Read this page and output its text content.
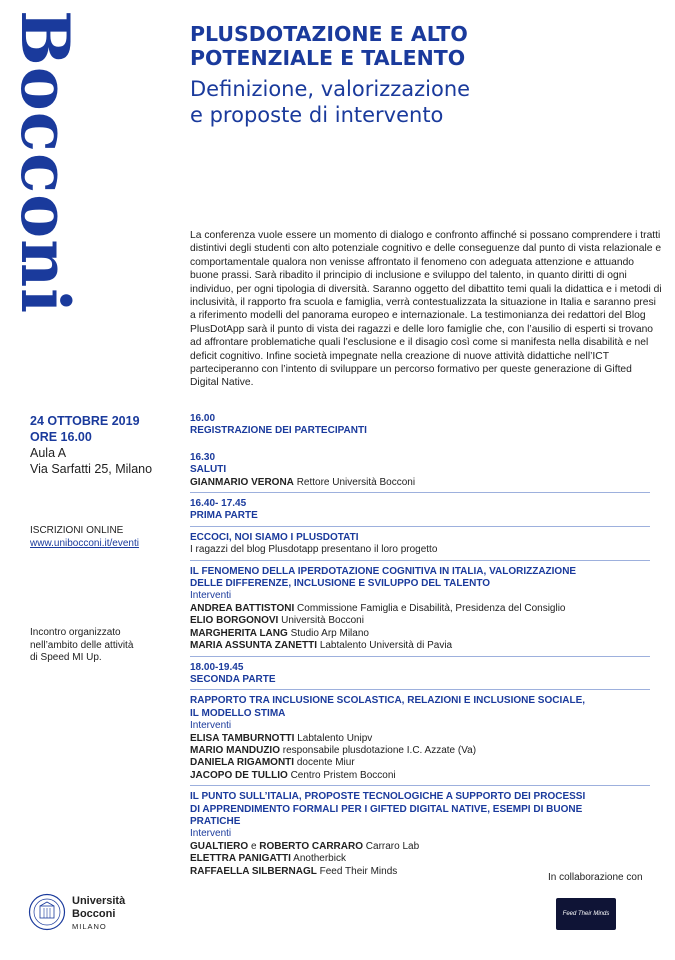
Bocconi	PLUSDOTAZIONE E ALTO
POTENZIALE E TALENTO
Definizione, valorizzazione
e proposte di intervento
La conferenza vuole essere un momento di dialogo e confronto affinché si possano comprendere i tratti distintivi degli studenti con alto potenziale cognitivo e delle conseguenze dal punto di vista relazionale e comportamentale qualora non venisse affrontato il fenomeno con adeguata attenzione e attuando buone prassi. Sarà ribadito il principio di inclusione e sviluppo del talento, in quanto diritti di ogni individuo, per ogni tipologia di diversità. Saranno oggetto del dibattito temi quali la didattica e i metodi di inclusività, il rapporto fra scuola e famiglia, verrà contestualizzata la situazione in Italia e saranno presi a riferimento modelli del panorama europeo e internazionale. La testimonianza dei redattori del Blog PlusDotApp sarà il punto di vista dei ragazzi e delle loro famiglie che, con l’ausilio di esperti si trovano ad affrontare problematiche quali l’esclusione e il disagio così come si manifesta nella disabilità e nel deficit cognitivo. Infine società impegnate nella creazione di nuove attività didattiche nell’ICT parteciperanno con l’intento di sviluppare un percorso formativo per queste generazione di Gifted Digital Native.
24 OTTOBRE 2019
ORE 16.00
Aula A
Via Sarfatti 25, Milano
ISCRIZIONI ONLINE
www.unibocconi.it/eventi
Incontro organizzato
nell’ambito delle attività
di Speed MI Up.
16.00
REGISTRAZIONE DEI PARTECIPANTI
16.30
SALUTI
GIANMARIO VERONA Rettore Università Bocconi
16.40- 17.45
PRIMA PARTE
ECCOCI, NOI SIAMO I PLUSDOTATI
I ragazzi del blog Plusdotapp presentano il loro progetto
IL FENOMENO DELLA IPERDOTAZIONE COGNITIVA IN ITALIA, VALORIZZAZIONE
DELLE DIFFERENZE, INCLUSIONE E SVILUPPO DEL TALENTO
Interventi
ANDREA BATTISTONI Commissione Famiglia e Disabilità, Presidenza del Consiglio
ELIO BORGONOVI Università Bocconi
MARGHERITA LANG Studio Arp Milano
MARIA ASSUNTA ZANETTI Labtalento Università di Pavia
18.00-19.45
SECONDA PARTE
RAPPORTO TRA INCLUSIONE SCOLASTICA, RELAZIONI E INCLUSIONE SOCIALE,
IL MODELLO STIMA
Interventi
ELISA TAMBURNOTTI Labtalento Unipv
MARIO MANDUZIO responsabile plusdotazione I.C. Azzate (Va)
DANIELA RIGAMONTI docente Miur
JACOPO DE TULLIO Centro Pristem Bocconi
IL PUNTO SULL’ITALIA, PROPOSTE TECNOLOGICHE A SUPPORTO DEI PROCESSI
DI APPRENDIMENTO FORMALI PER I GIFTED DIGITAL NATIVE, ESEMPI DI BUONE
PRATICHE
Interventi
GUALTIERO e ROBERTO CARRARO Carraro Lab
ELETTRA PANIGATTI Anotherbick
RAFFAELLA SILBERNAGL Feed Their Minds
In collaborazione con
Feed Their Minds
Università
Bocconi
MILANO
